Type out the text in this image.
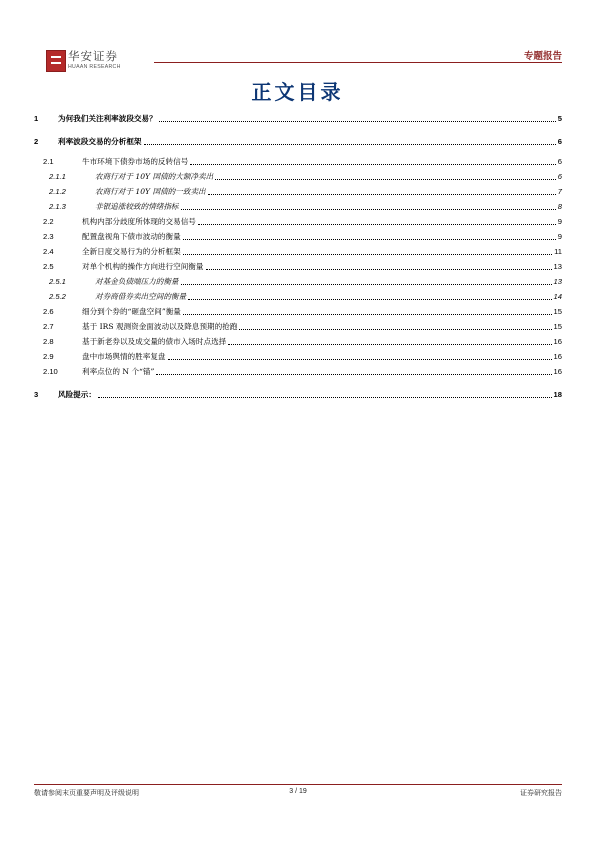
华安证券
HUAAN RESEARCH
专题报告
正文目录
1	为何我们关注利率波段交易？	5
2	利率波段交易的分析框架	6
2.1	牛市环境下债券市场的反转信号	6
2.1.1	农商行对于 10Y 国债的大额净卖出	6
2.1.2	农商行对于 10Y 国债的一致卖出	7
2.1.3	非银追涨较致的情绪指标	8
2.2	机构内部分歧度所体现的交易信号	9
2.3	配置盘视角下债市波动的衡量	9
2.4	全新日度交易行为的分析框架	11
2.5	对单个机构的操作方向进行空间衡量	13
2.5.1	对基金负债端压力的衡量	13
2.5.2	对券商借券卖出空间的衡量	14
2.6	细分到个券的“砸盘空间”衡量	15
2.7	基于 IRS 观测资金面波动以及降息预期的抢跑	15
2.8	基于新老券以及成交量的债市入场时点选择	16
2.9	盘中市场舆情的胜率复盘	16
2.10	利率点位的 N 个“锚”	16
3	风险提示：	18
敬请参阅末页重要声明及评级说明	3 / 19	证券研究报告
